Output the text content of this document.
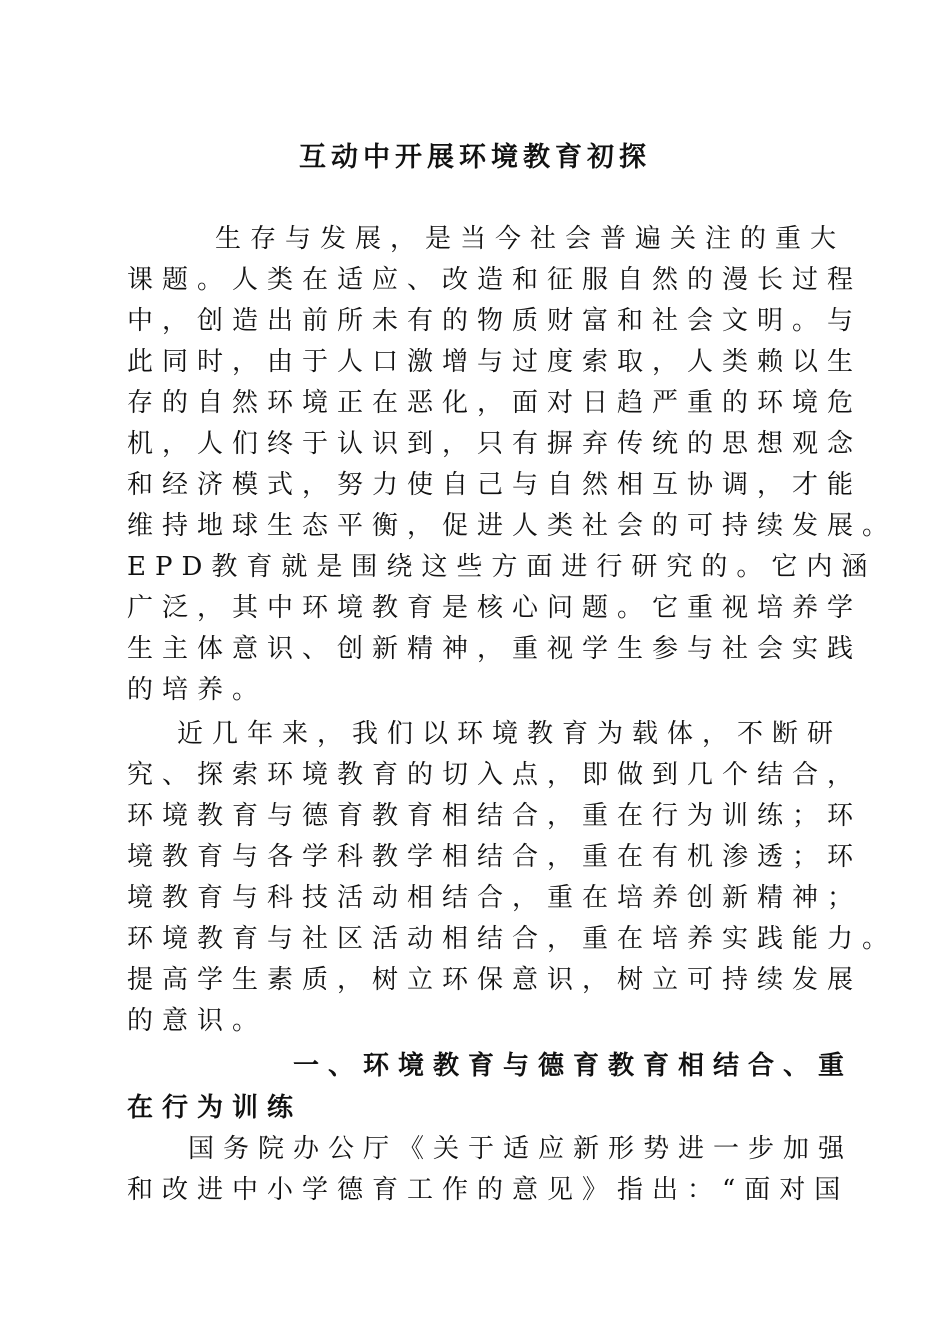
互动中开展环境教育初探

生存与发展，是当今社会普遍关注的重大

课题。人类在适应、改造和征服自然的漫长过程

中，创造出前所未有的物质财富和社会文明。与

此同时，由于人口激增与过度索取，人类赖以生

存的自然环境正在恶化，面对日趋严重的环境危

机，人们终于认识到，只有摒弃传统的思想观念

和经济模式，努力使自己与自然相互协调，才能

维持地球生态平衡，促进人类社会的可持续发展。

EPD教育就是围绕这些方面进行研究的。它内涵

广泛，其中环境教育是核心问题。它重视培养学

生主体意识、创新精神，重视学生参与社会实践

的培养。

近几年来，我们以环境教育为载体，不断研

究、探索环境教育的切入点，即做到几个结合，

环境教育与德育教育相结合，重在行为训练；环

境教育与各学科教学相结合，重在有机渗透；环

境教育与科技活动相结合，重在培养创新精神；

环境教育与社区活动相结合，重在培养实践能力。

提高学生素质，树立环保意识，树立可持续发展

的意识。

一、环境教育与德育教育相结合、重

在行为训练

国务院办公厅《关于适应新形势进一步加强

和改进中小学德育工作的意见》指出：“面对国
